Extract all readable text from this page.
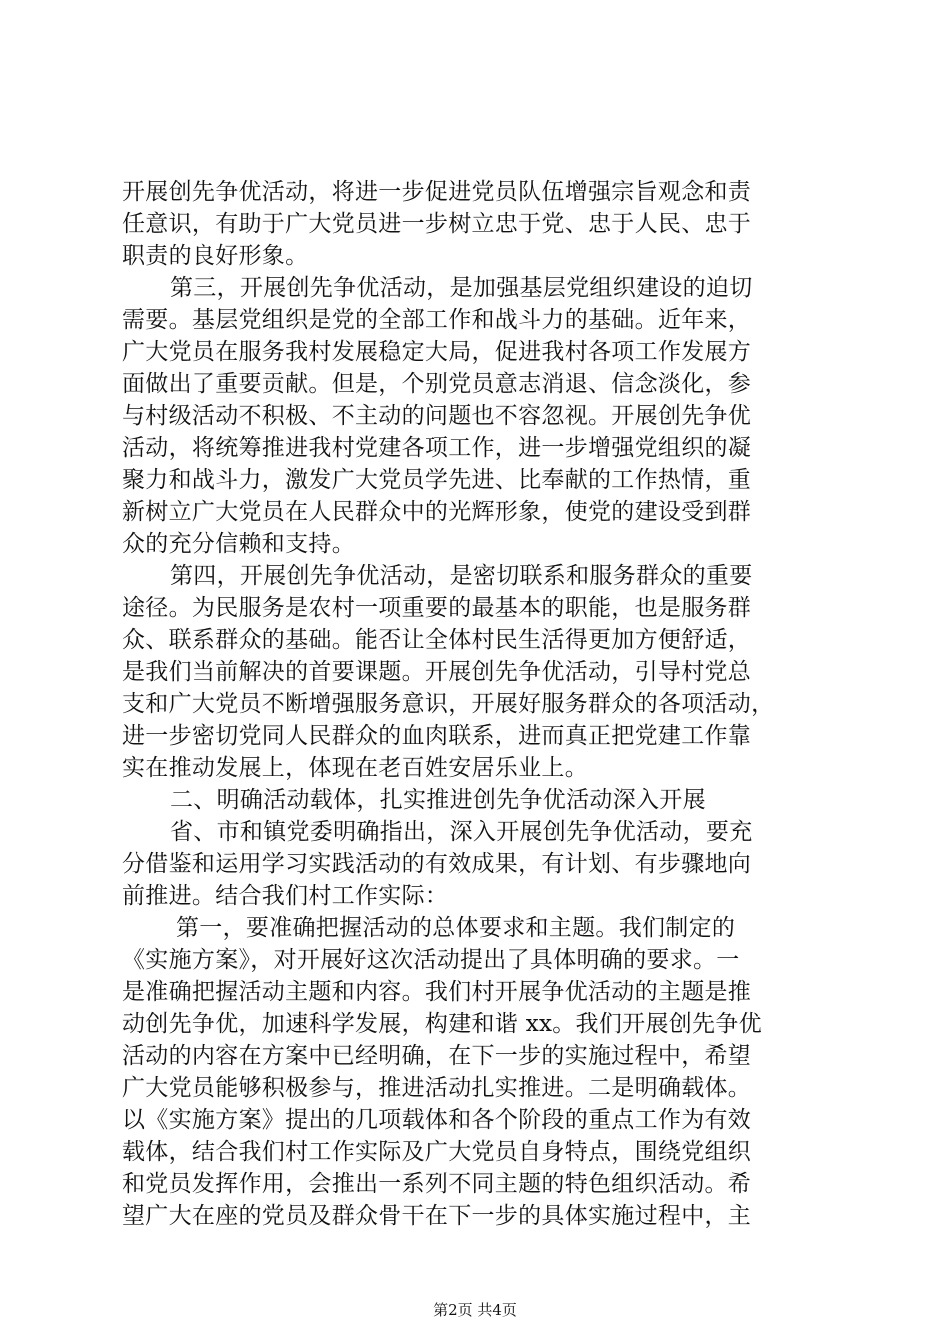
开展创先争优活动，将进一步促进党员队伍增强宗旨观念和责
任意识，有助于广大党员进一步树立忠于党、忠于人民、忠于
职责的良好形象。
第三，开展创先争优活动，是加强基层党组织建设的迫切
需要。基层党组织是党的全部工作和战斗力的基础。近年来，
广大党员在服务我村发展稳定大局，促进我村各项工作发展方
面做出了重要贡献。但是，个别党员意志消退、信念淡化，参
与村级活动不积极、不主动的问题也不容忽视。开展创先争优
活动，将统筹推进我村党建各项工作，进一步增强党组织的凝
聚力和战斗力，激发广大党员学先进、比奉献的工作热情，重
新树立广大党员在人民群众中的光辉形象，使党的建设受到群
众的充分信赖和支持。
第四，开展创先争优活动，是密切联系和服务群众的重要
途径。为民服务是农村一项重要的最基本的职能，也是服务群
众、联系群众的基础。能否让全体村民生活得更加方便舒适，
是我们当前解决的首要课题。开展创先争优活动，引导村党总
支和广大党员不断增强服务意识，开展好服务群众的各项活动，
进一步密切党同人民群众的血肉联系，进而真正把党建工作靠
实在推动发展上，体现在老百姓安居乐业上。
二、明确活动载体，扎实推进创先争优活动深入开展
省、市和镇党委明确指出，深入开展创先争优活动，要充
分借鉴和运用学习实践活动的有效成果，有计划、有步骤地向
前推进。结合我们村工作实际：
第一，要准确把握活动的总体要求和主题。我们制定的
《实施方案》，对开展好这次活动提出了具体明确的要求。一
是准确把握活动主题和内容。我们村开展争优活动的主题是推
动创先争优，加速科学发展，构建和谐 xx。我们开展创先争优
活动的内容在方案中已经明确，在下一步的实施过程中，希望
广大党员能够积极参与，推进活动扎实推进。二是明确载体。
以《实施方案》提出的几项载体和各个阶段的重点工作为有效
载体，结合我们村工作实际及广大党员自身特点，围绕党组织
和党员发挥作用，会推出一系列不同主题的特色组织活动。希
望广大在座的党员及群众骨干在下一步的具体实施过程中，主
第2页 共4页
